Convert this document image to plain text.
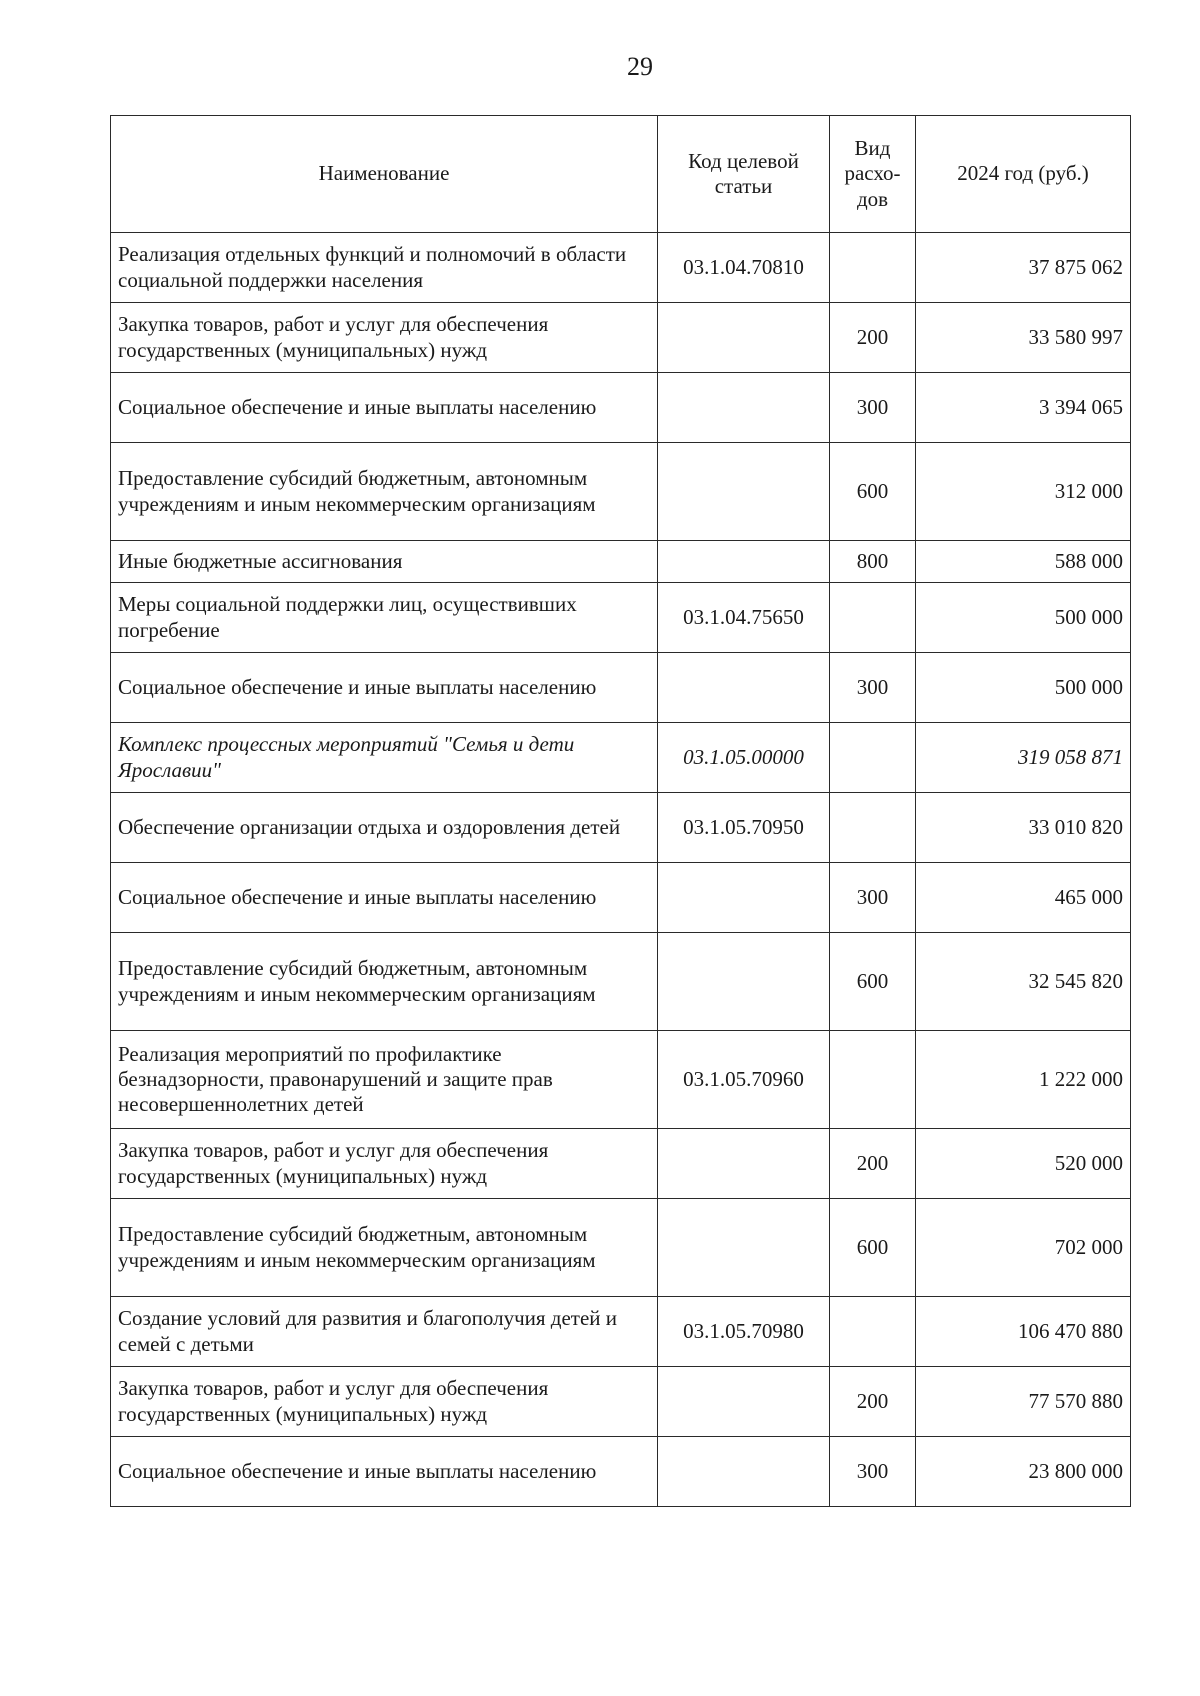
29
Наименование	Код целевой статьи	Вид расхо-дов	2024 год (руб.)
Реализация отдельных функций и полномочий в области социальной поддержки населения	03.1.04.70810		37 875 062
Закупка товаров, работ и услуг для обеспечения государственных (муниципальных) нужд		200	33 580 997
Социальное обеспечение и иные выплаты населению		300	3 394 065
Предоставление субсидий бюджетным, автономным учреждениям и иным некоммерческим организациям		600	312 000
Иные бюджетные ассигнования		800	588 000
Меры социальной поддержки лиц, осуществивших погребение	03.1.04.75650		500 000
Социальное обеспечение и иные выплаты населению		300	500 000
Комплекс процессных мероприятий "Семья и дети Ярославии"	03.1.05.00000		319 058 871
Обеспечение организации отдыха и оздоровления детей	03.1.05.70950		33 010 820
Социальное обеспечение и иные выплаты населению		300	465 000
Предоставление субсидий бюджетным, автономным учреждениям и иным некоммерческим организациям		600	32 545 820
Реализация мероприятий по профилактике безнадзорности, правонарушений и защите прав несовершеннолетних детей	03.1.05.70960		1 222 000
Закупка товаров, работ и услуг для обеспечения государственных (муниципальных) нужд		200	520 000
Предоставление субсидий бюджетным, автономным учреждениям и иным некоммерческим организациям		600	702 000
Создание условий для развития и благополучия детей и семей с детьми	03.1.05.70980		106 470 880
Закупка товаров, работ и услуг для обеспечения государственных (муниципальных) нужд		200	77 570 880
Социальное обеспечение и иные выплаты населению		300	23 800 000
